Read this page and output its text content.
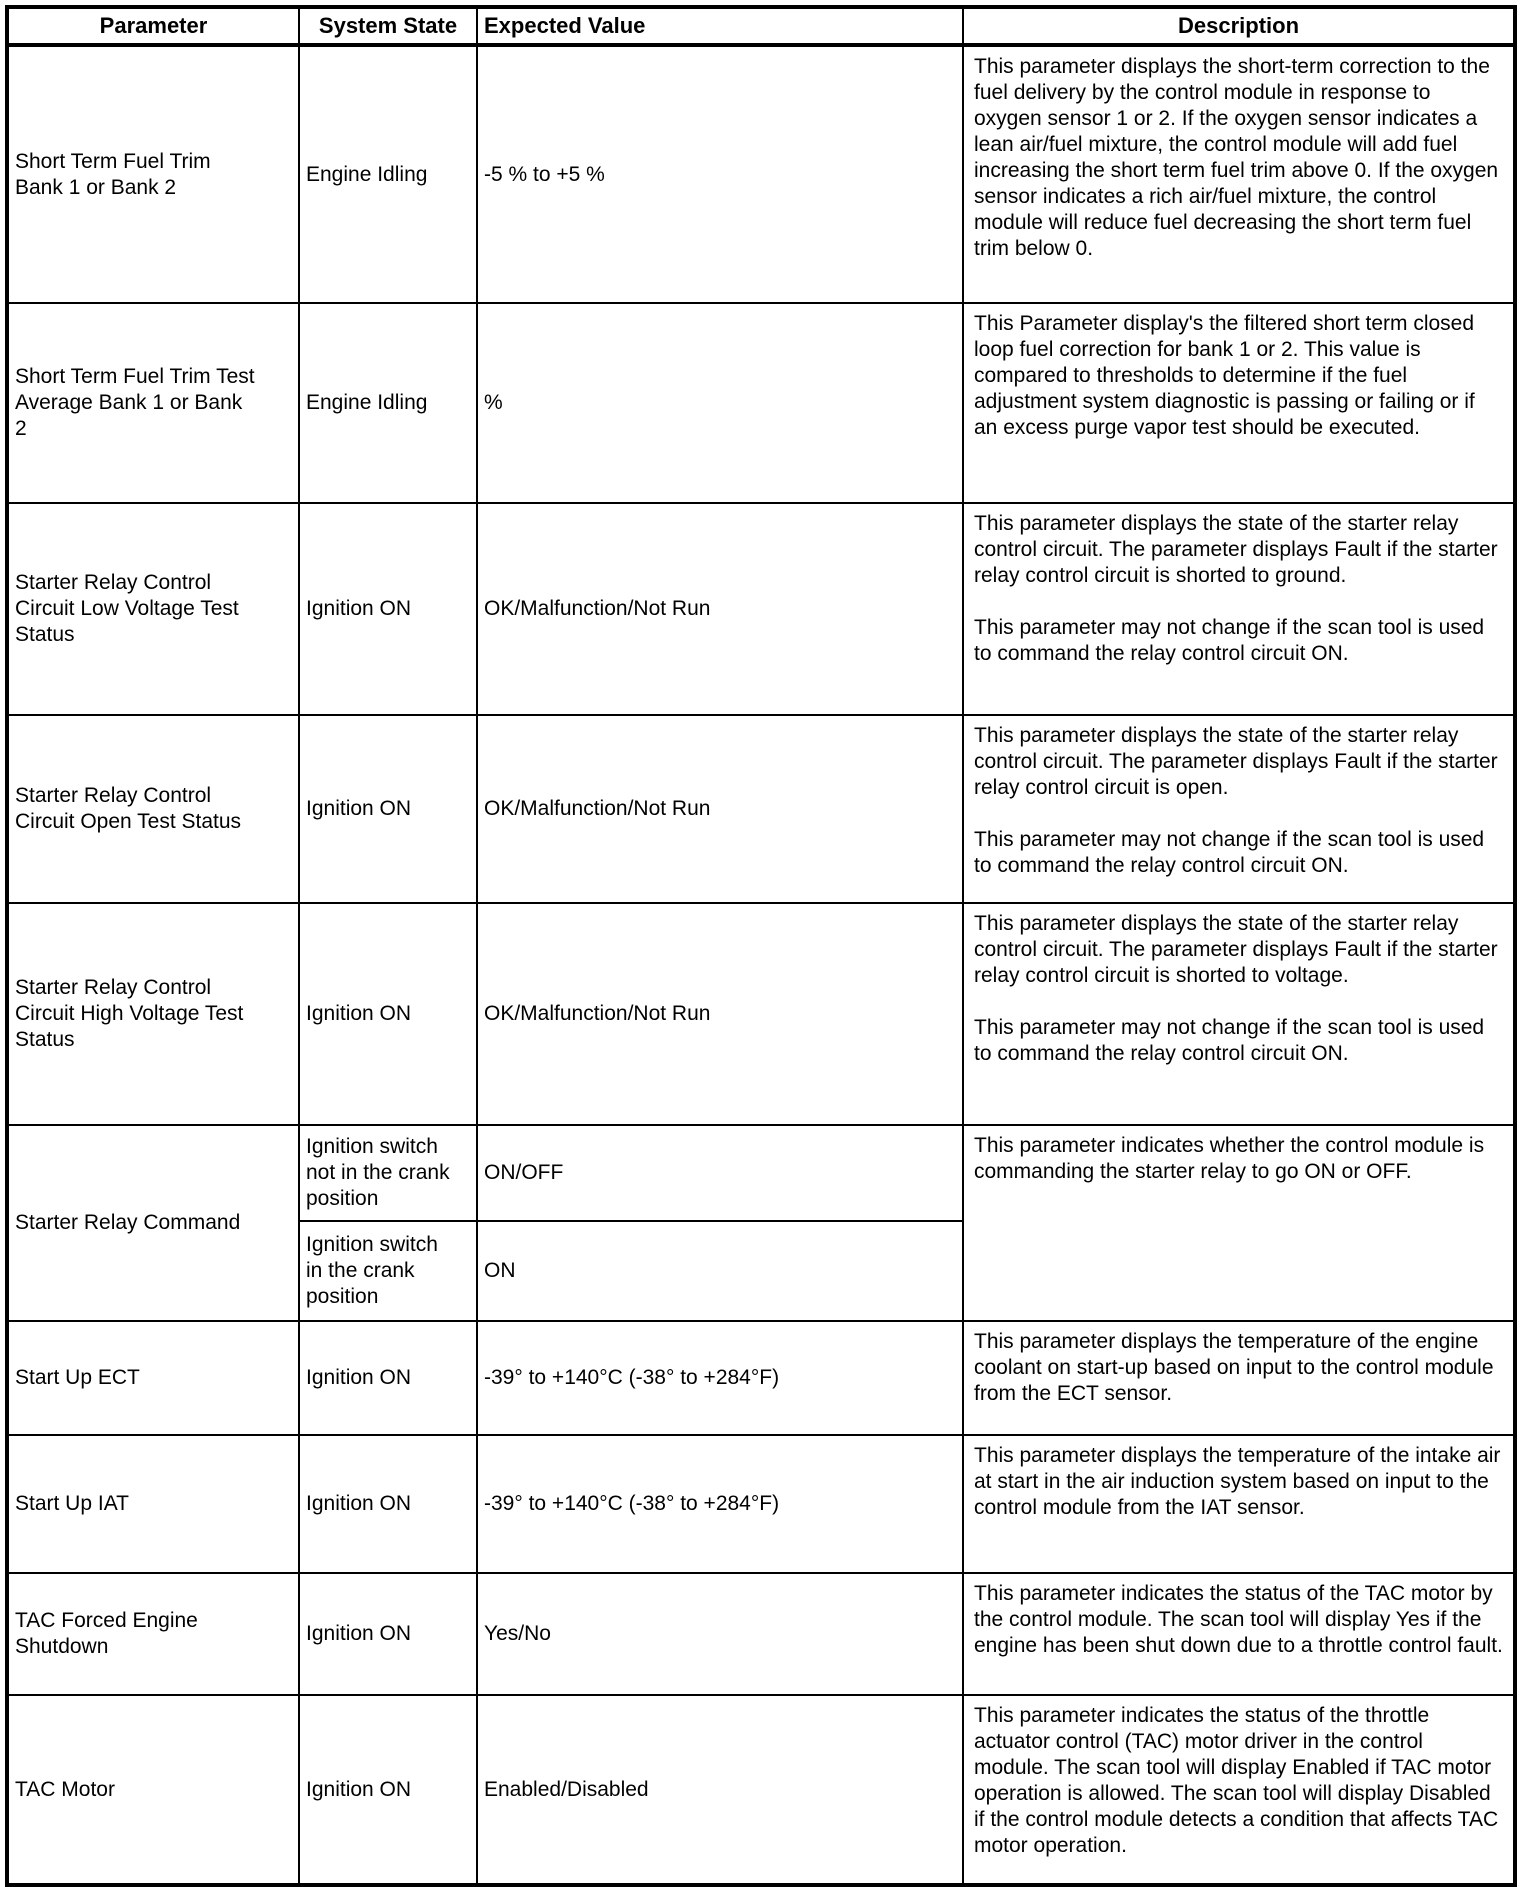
Parameter	System State	Expected Value	Description
Short Term Fuel Trim Bank 1 or Bank 2	Engine Idling	-5 % to +5 %	This parameter displays the short-term correction to the fuel delivery by the control module in response to oxygen sensor 1 or 2. If the oxygen sensor indicates a lean air/fuel mixture, the control module will add fuel increasing the short term fuel trim above 0. If the oxygen sensor indicates a rich air/fuel mixture, the control module will reduce fuel decreasing the short term fuel trim below 0.

Short Term Fuel Trim Test Average Bank 1 or Bank 2	Engine Idling	%	This Parameter display's the filtered short term closed loop fuel correction for bank 1 or 2. This value is compared to thresholds to determine if the fuel adjustment system diagnostic is passing or failing or if an excess purge vapor test should be executed.

Starter Relay Control Circuit Low Voltage Test Status	Ignition ON	OK/Malfunction/Not Run	This parameter displays the state of the starter relay control circuit. The parameter displays Fault if the starter relay control circuit is shorted to ground.

This parameter may not change if the scan tool is used to command the relay control circuit ON.

Starter Relay Control Circuit Open Test Status	Ignition ON	OK/Malfunction/Not Run	This parameter displays the state of the starter relay control circuit. The parameter displays Fault if the starter relay control circuit is open.

This parameter may not change if the scan tool is used to command the relay control circuit ON.

Starter Relay Control Circuit High Voltage Test Status	Ignition ON	OK/Malfunction/Not Run	This parameter displays the state of the starter relay control circuit. The parameter displays Fault if the starter relay control circuit is shorted to voltage.

This parameter may not change if the scan tool is used to command the relay control circuit ON.

Starter Relay Command	Ignition switch not in the crank position	ON/OFF	This parameter indicates whether the control module is commanding the starter relay to go ON or OFF.

	Ignition switch in the crank position	ON	
Start Up ECT	Ignition ON	-39° to +140°C (-38° to +284°F)	This parameter displays the temperature of the engine coolant on start-up based on input to the control module from the ECT sensor.

Start Up IAT	Ignition ON	-39° to +140°C (-38° to +284°F)	This parameter displays the temperature of the intake air at start in the air induction system based on input to the control module from the IAT sensor.

TAC Forced Engine Shutdown	Ignition ON	Yes/No	This parameter indicates the status of the TAC motor by the control module. The scan tool will display Yes if the engine has been shut down due to a throttle control fault.

TAC Motor	Ignition ON	Enabled/Disabled	This parameter indicates the status of the throttle actuator control (TAC) motor driver in the control module. The scan tool will display Enabled if TAC motor operation is allowed. The scan tool will display Disabled if the control module detects a condition that affects TAC motor operation.
